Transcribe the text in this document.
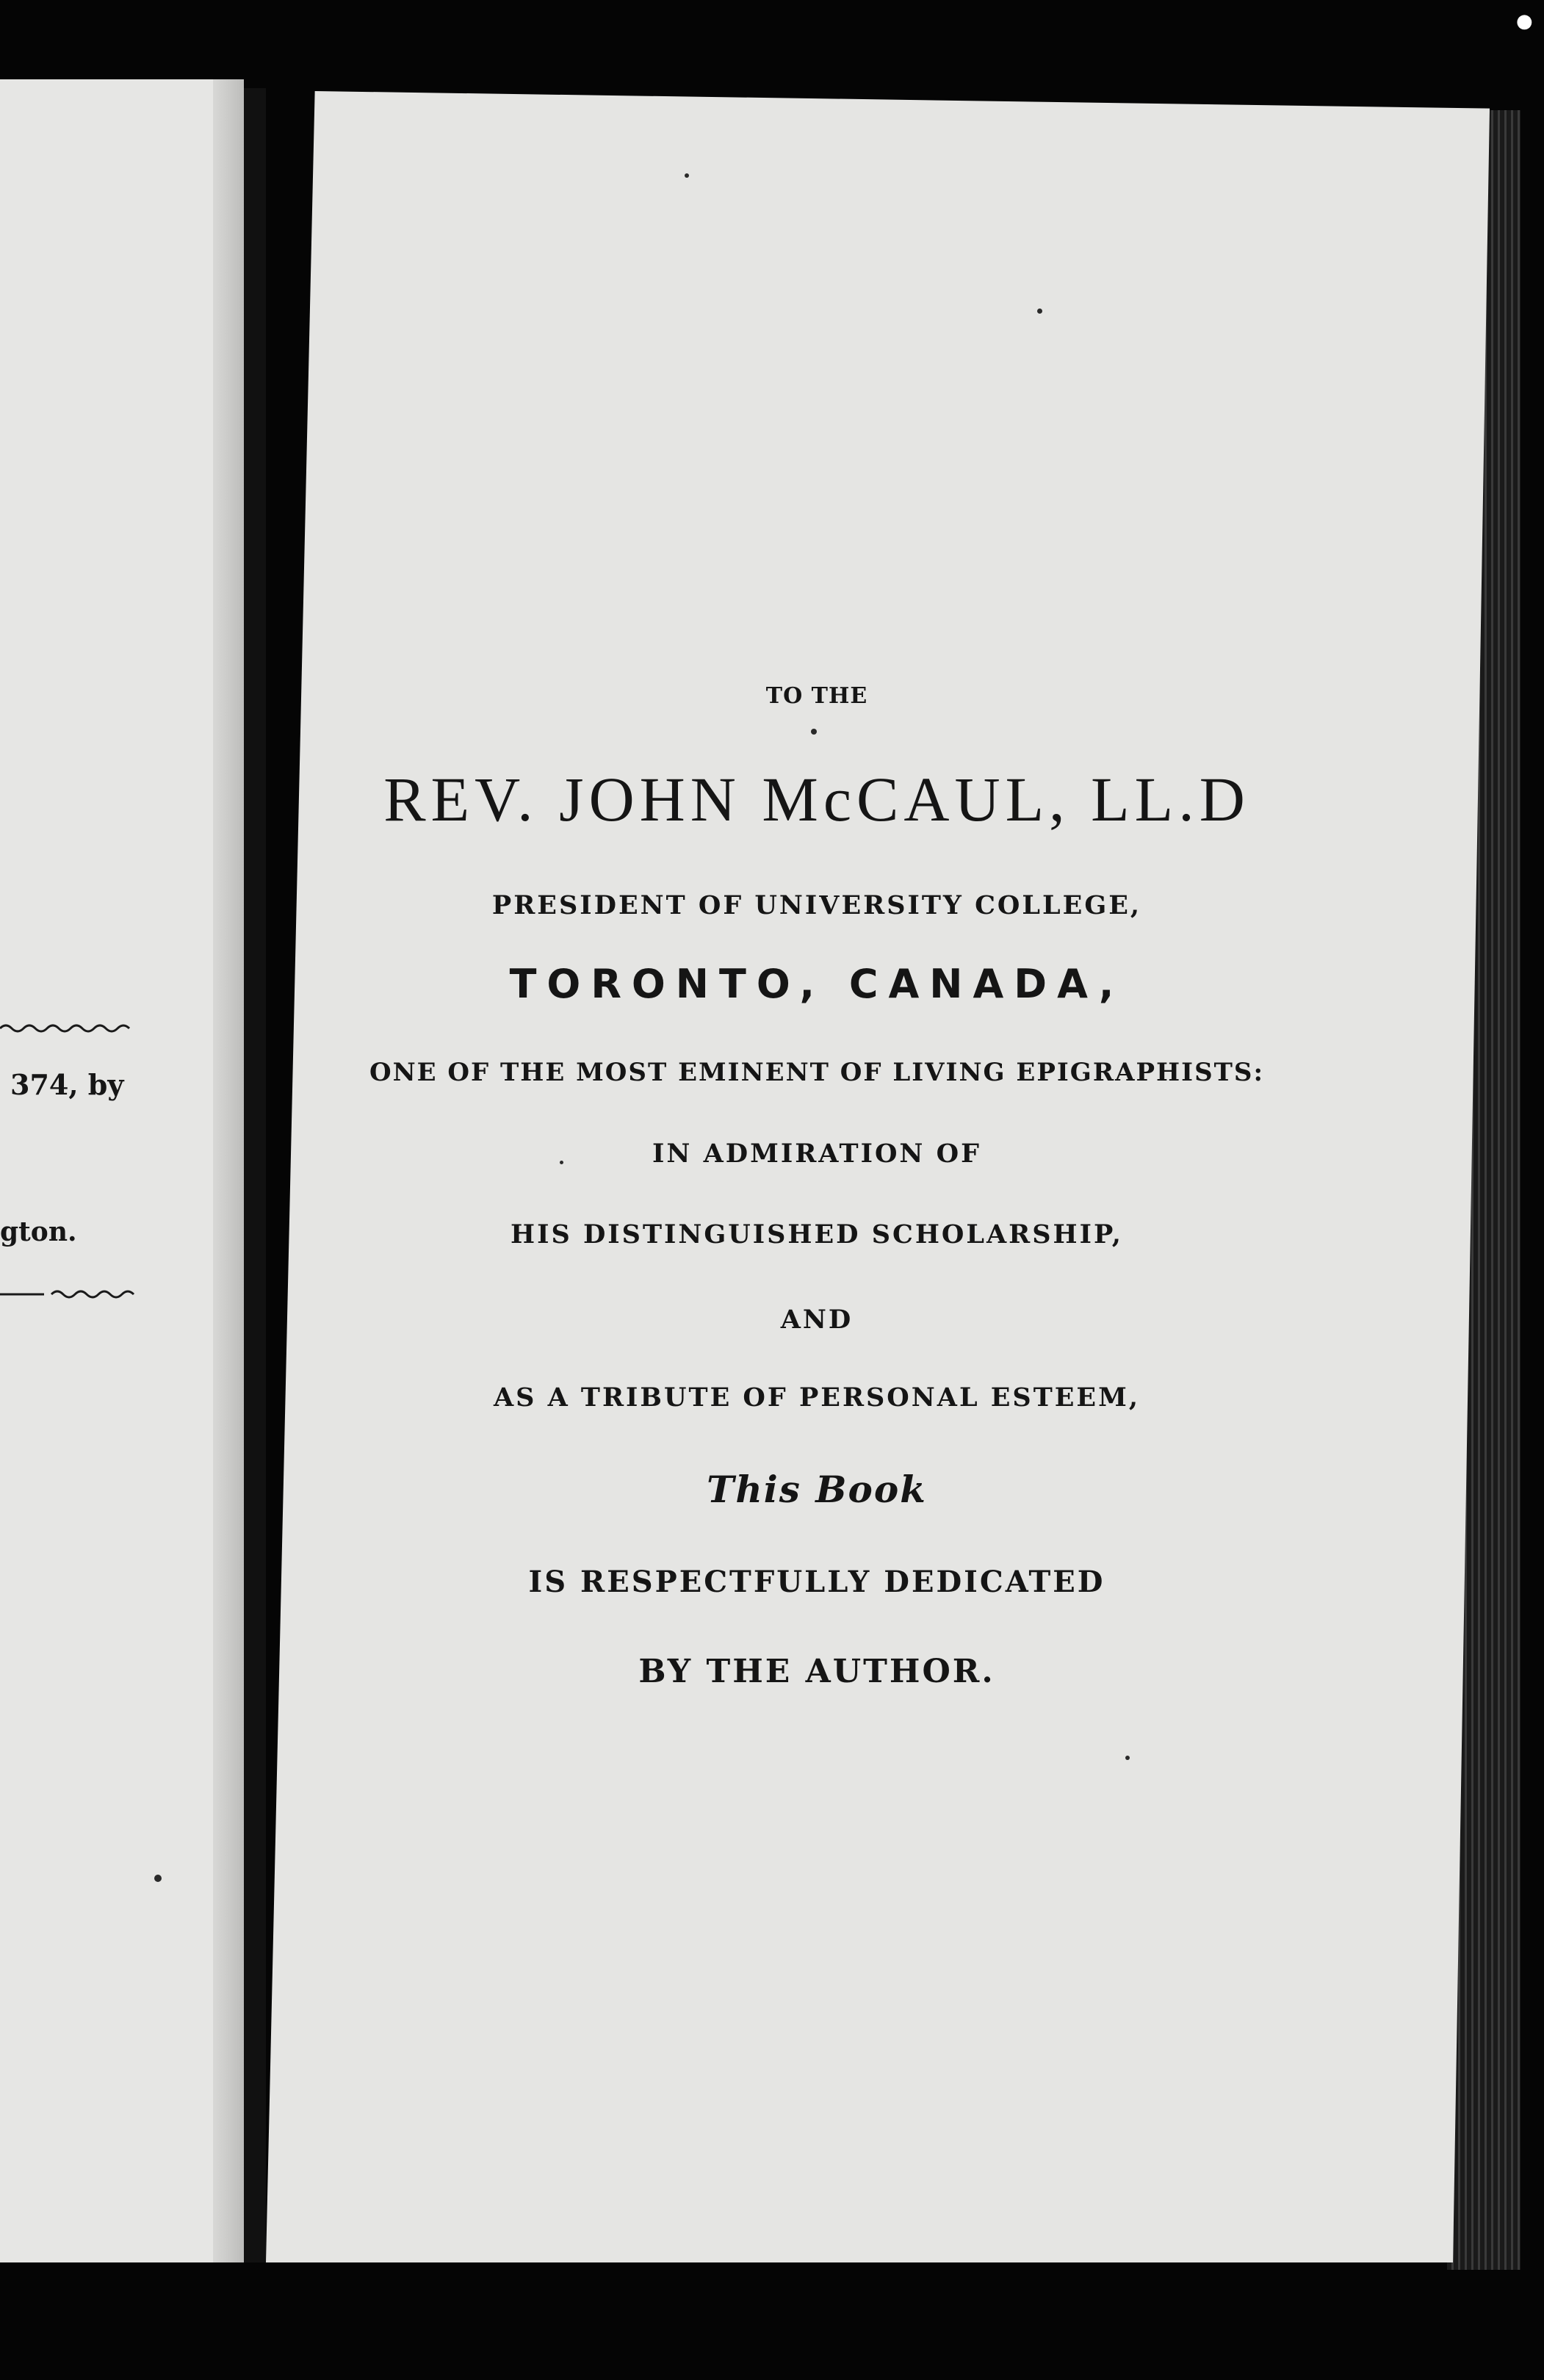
●
374, by
gton.
TO THE
REV. JOHN McCAUL, LL.D
PRESIDENT OF UNIVERSITY COLLEGE,
TORONTO, CANADA,
ONE OF THE MOST EMINENT OF LIVING EPIGRAPHISTS:
IN ADMIRATION OF
HIS DISTINGUISHED SCHOLARSHIP,
AND
AS A TRIBUTE OF PERSONAL ESTEEM,
This Book
IS RESPECTFULLY DEDICATED
BY THE AUTHOR.
